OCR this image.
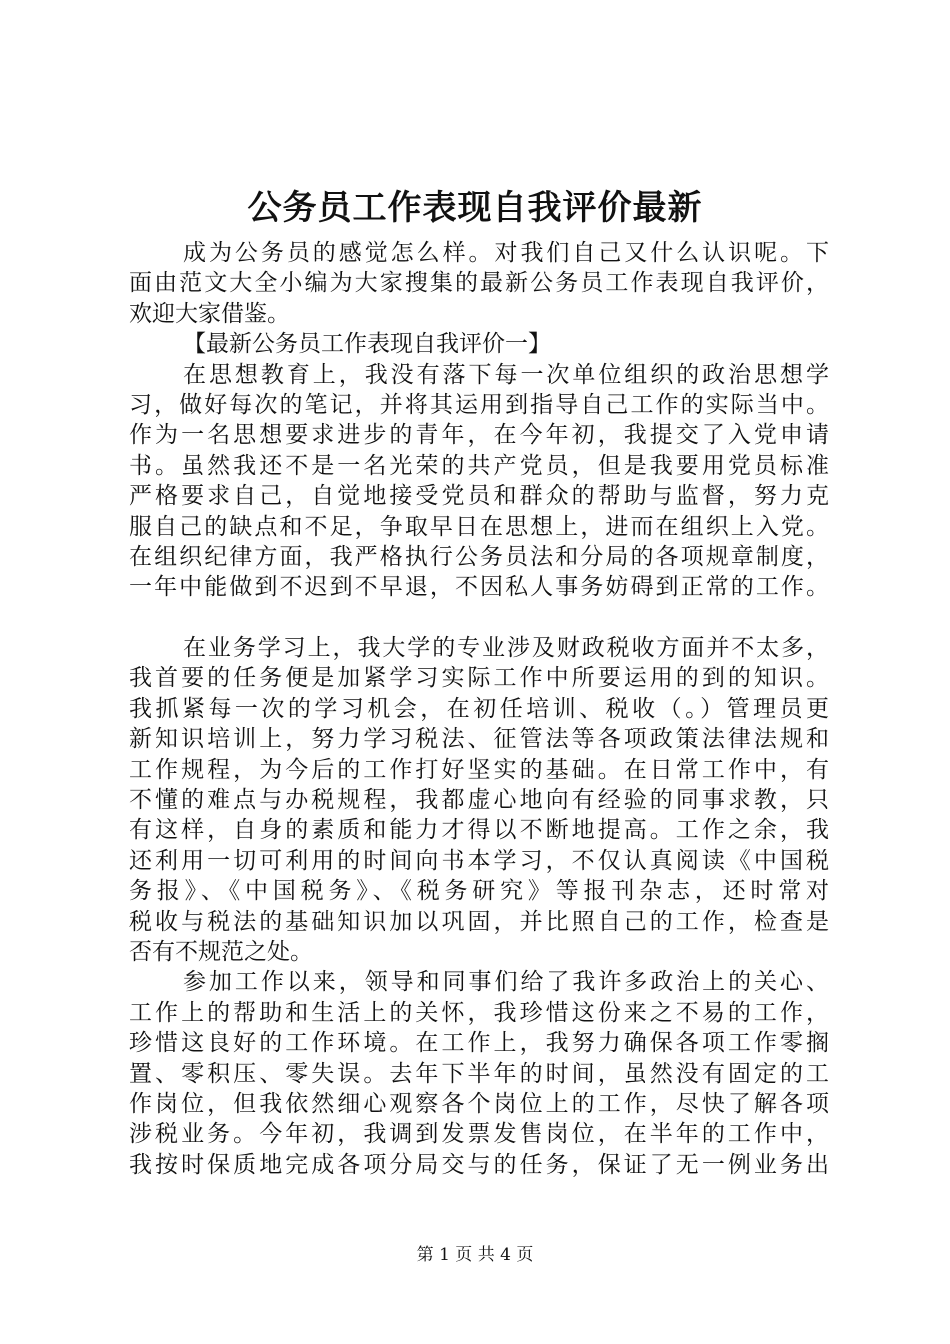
公务员工作表现自我评价最新
成为公务员的感觉怎么样。对我们自己又什么认识呢。下
面由范文大全小编为大家搜集的最新公务员工作表现自我评价，
欢迎大家借鉴。
【最新公务员工作表现自我评价一】
在思想教育上，我没有落下每一次单位组织的政治思想学
习，做好每次的笔记，并将其运用到指导自己工作的实际当中。
作为一名思想要求进步的青年，在今年初，我提交了入党申请
书。虽然我还不是一名光荣的共产党员，但是我要用党员标准
严格要求自己，自觉地接受党员和群众的帮助与监督，努力克
服自己的缺点和不足，争取早日在思想上，进而在组织上入党。
在组织纪律方面，我严格执行公务员法和分局的各项规章制度，
一年中能做到不迟到不早退，不因私人事务妨碍到正常的工作。
在业务学习上，我大学的专业涉及财政税收方面并不太多，
我首要的任务便是加紧学习实际工作中所要运用的到的知识。
我抓紧每一次的学习机会，在初任培训、税收（。）管理员更
新知识培训上，努力学习税法、征管法等各项政策法律法规和
工作规程，为今后的工作打好坚实的基础。在日常工作中，有
不懂的难点与办税规程，我都虚心地向有经验的同事求教，只
有这样，自身的素质和能力才得以不断地提高。工作之余，我
还利用一切可利用的时间向书本学习，不仅认真阅读《中国税
务报》、《中国税务》、《税务研究》等报刊杂志，还时常对
税收与税法的基础知识加以巩固，并比照自己的工作，检查是
否有不规范之处。
参加工作以来，领导和同事们给了我许多政治上的关心、
工作上的帮助和生活上的关怀，我珍惜这份来之不易的工作，
珍惜这良好的工作环境。在工作上，我努力确保各项工作零搁
置、零积压、零失误。去年下半年的时间，虽然没有固定的工
作岗位，但我依然细心观察各个岗位上的工作，尽快了解各项
涉税业务。今年初，我调到发票发售岗位，在半年的工作中，
我按时保质地完成各项分局交与的任务，保证了无一例业务出
第 1 页 共 4 页
